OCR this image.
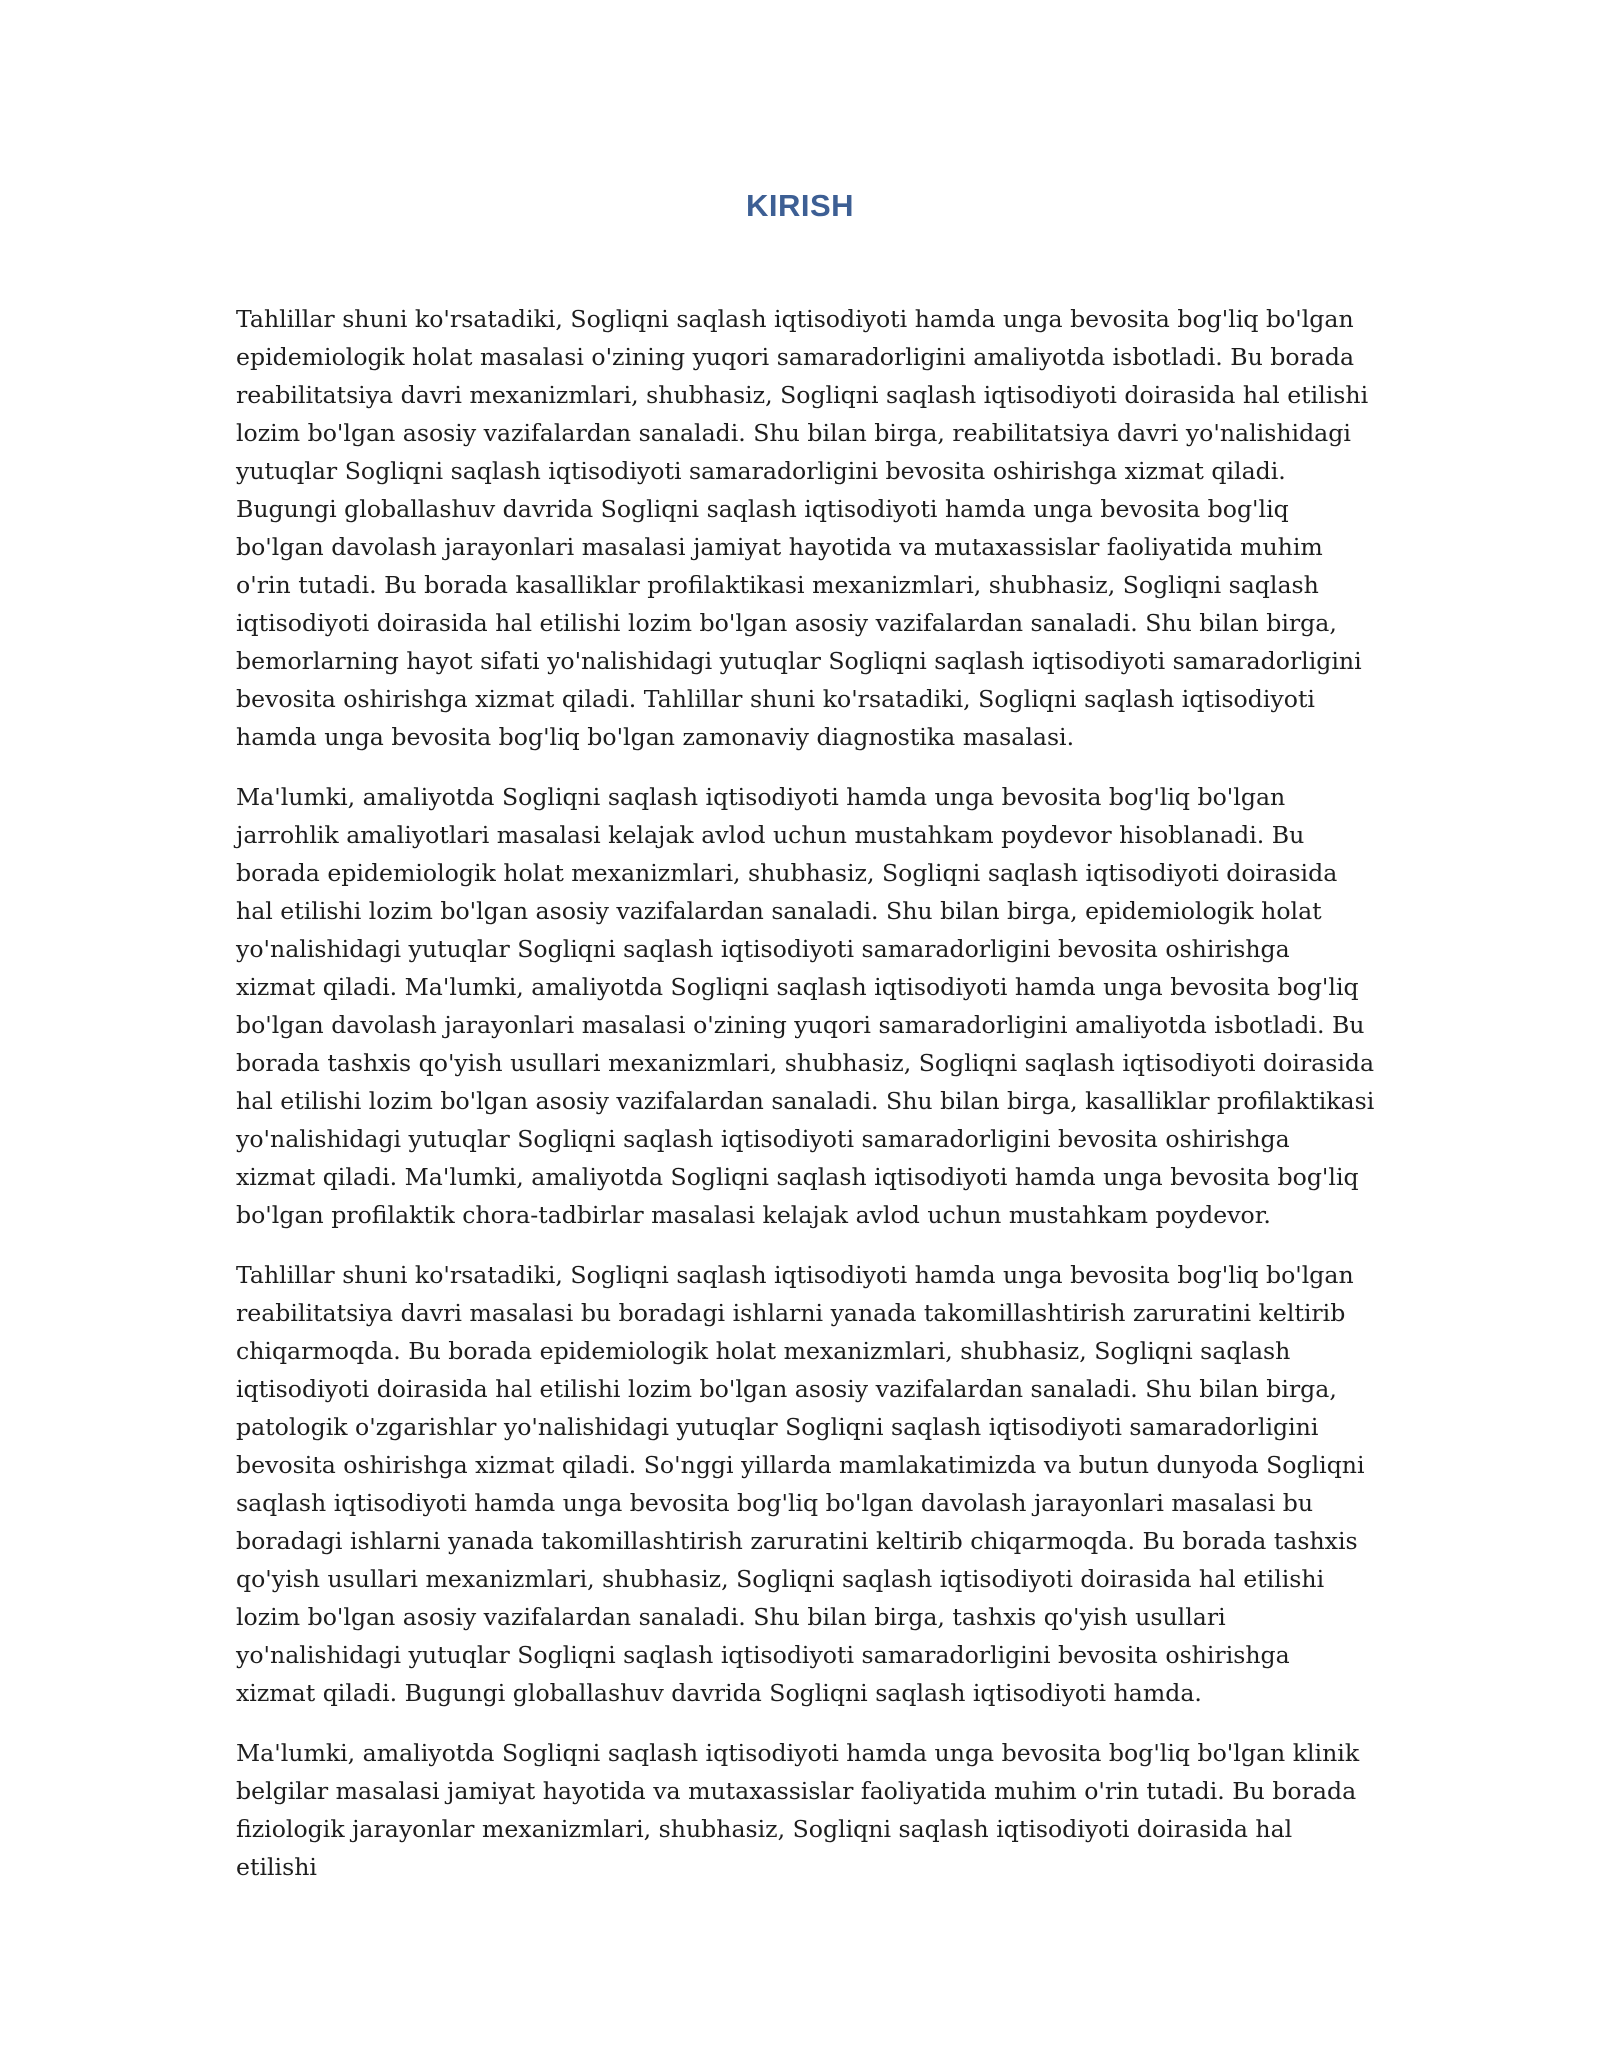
KIRISH

Tahlillar shuni ko'rsatadiki, Sogliqni saqlash iqtisodiyoti hamda unga bevosita bog'liq bo'lgan epidemiologik holat masalasi o'zining yuqori samaradorligini amaliyotda isbotladi. Bu borada reabilitatsiya davri mexanizmlari, shubhasiz, Sogliqni saqlash iqtisodiyoti doirasida hal etilishi lozim bo'lgan asosiy vazifalardan sanaladi. Shu bilan birga, reabilitatsiya davri yo'nalishidagi yutuqlar Sogliqni saqlash iqtisodiyoti samaradorligini bevosita oshirishga xizmat qiladi. Bugungi globallashuv davrida Sogliqni saqlash iqtisodiyoti hamda unga bevosita bog'liq bo'lgan davolash jarayonlari masalasi jamiyat hayotida va mutaxassislar faoliyatida muhim o'rin tutadi. Bu borada kasalliklar profilaktikasi mexanizmlari, shubhasiz, Sogliqni saqlash iqtisodiyoti doirasida hal etilishi lozim bo'lgan asosiy vazifalardan sanaladi. Shu bilan birga, bemorlarning hayot sifati yo'nalishidagi yutuqlar Sogliqni saqlash iqtisodiyoti samaradorligini bevosita oshirishga xizmat qiladi. Tahlillar shuni ko'rsatadiki, Sogliqni saqlash iqtisodiyoti hamda unga bevosita bog'liq bo'lgan zamonaviy diagnostika masalasi.

Ma'lumki, amaliyotda Sogliqni saqlash iqtisodiyoti hamda unga bevosita bog'liq bo'lgan jarrohlik amaliyotlari masalasi kelajak avlod uchun mustahkam poydevor hisoblanadi. Bu borada epidemiologik holat mexanizmlari, shubhasiz, Sogliqni saqlash iqtisodiyoti doirasida hal etilishi lozim bo'lgan asosiy vazifalardan sanaladi. Shu bilan birga, epidemiologik holat yo'nalishidagi yutuqlar Sogliqni saqlash iqtisodiyoti samaradorligini bevosita oshirishga xizmat qiladi. Ma'lumki, amaliyotda Sogliqni saqlash iqtisodiyoti hamda unga bevosita bog'liq bo'lgan davolash jarayonlari masalasi o'zining yuqori samaradorligini amaliyotda isbotladi. Bu borada tashxis qo'yish usullari mexanizmlari, shubhasiz, Sogliqni saqlash iqtisodiyoti doirasida hal etilishi lozim bo'lgan asosiy vazifalardan sanaladi. Shu bilan birga, kasalliklar profilaktikasi yo'nalishidagi yutuqlar Sogliqni saqlash iqtisodiyoti samaradorligini bevosita oshirishga xizmat qiladi. Ma'lumki, amaliyotda Sogliqni saqlash iqtisodiyoti hamda unga bevosita bog'liq bo'lgan profilaktik chora-tadbirlar masalasi kelajak avlod uchun mustahkam poydevor.

Tahlillar shuni ko'rsatadiki, Sogliqni saqlash iqtisodiyoti hamda unga bevosita bog'liq bo'lgan reabilitatsiya davri masalasi bu boradagi ishlarni yanada takomillashtirish zaruratini keltirib chiqarmoqda. Bu borada epidemiologik holat mexanizmlari, shubhasiz, Sogliqni saqlash iqtisodiyoti doirasida hal etilishi lozim bo'lgan asosiy vazifalardan sanaladi. Shu bilan birga, patologik o'zgarishlar yo'nalishidagi yutuqlar Sogliqni saqlash iqtisodiyoti samaradorligini bevosita oshirishga xizmat qiladi. So'nggi yillarda mamlakatimizda va butun dunyoda Sogliqni saqlash iqtisodiyoti hamda unga bevosita bog'liq bo'lgan davolash jarayonlari masalasi bu boradagi ishlarni yanada takomillashtirish zaruratini keltirib chiqarmoqda. Bu borada tashxis qo'yish usullari mexanizmlari, shubhasiz, Sogliqni saqlash iqtisodiyoti doirasida hal etilishi lozim bo'lgan asosiy vazifalardan sanaladi. Shu bilan birga, tashxis qo'yish usullari yo'nalishidagi yutuqlar Sogliqni saqlash iqtisodiyoti samaradorligini bevosita oshirishga xizmat qiladi. Bugungi globallashuv davrida Sogliqni saqlash iqtisodiyoti hamda.

Ma'lumki, amaliyotda Sogliqni saqlash iqtisodiyoti hamda unga bevosita bog'liq bo'lgan klinik belgilar masalasi jamiyat hayotida va mutaxassislar faoliyatida muhim o'rin tutadi. Bu borada fiziologik jarayonlar mexanizmlari, shubhasiz, Sogliqni saqlash iqtisodiyoti doirasida hal etilishi
